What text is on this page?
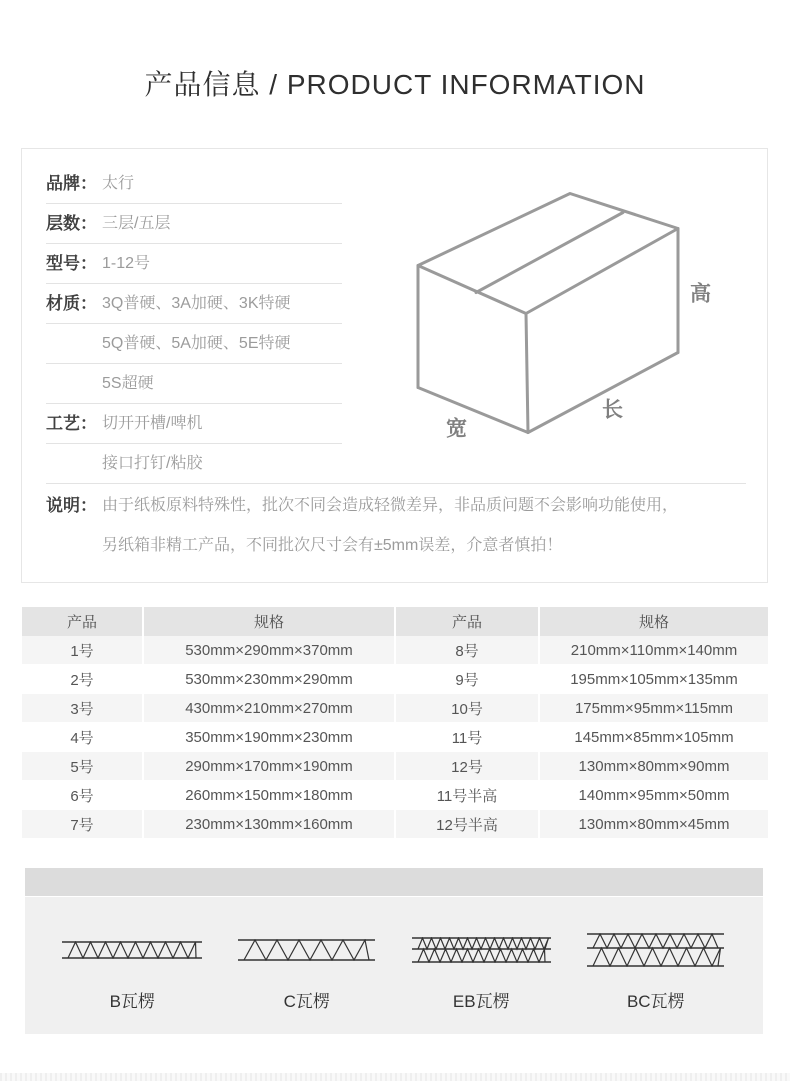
产品信息 / PRODUCT INFORMATION
品牌： 太行
层数： 三层/五层
型号： 1-12号
材质： 3Q普硬、3A加硬、3K特硬
5Q普硬、5A加硬、5E特硬
5S超硬
工艺： 切开开槽/啤机
接口打钉/粘胶
说明： 由于纸板原料特殊性，批次不同会造成轻微差异，非品质问题不会影响功能使用，
另纸箱非精工产品，不同批次尺寸会有±5mm误差，介意者慎拍！
高
长
宽
产品	规格	产品	规格
1号	530mm×290mm×370mm	8号	210mm×110mm×140mm
2号	530mm×230mm×290mm	9号	195mm×105mm×135mm
3号	430mm×210mm×270mm	10号	175mm×95mm×115mm
4号	350mm×190mm×230mm	11号	145mm×85mm×105mm
5号	290mm×170mm×190mm	12号	130mm×80mm×90mm
6号	260mm×150mm×180mm	11号半高	140mm×95mm×50mm
7号	230mm×130mm×160mm	12号半高	130mm×80mm×45mm
B瓦楞	C瓦楞	EB瓦楞	BC瓦楞
